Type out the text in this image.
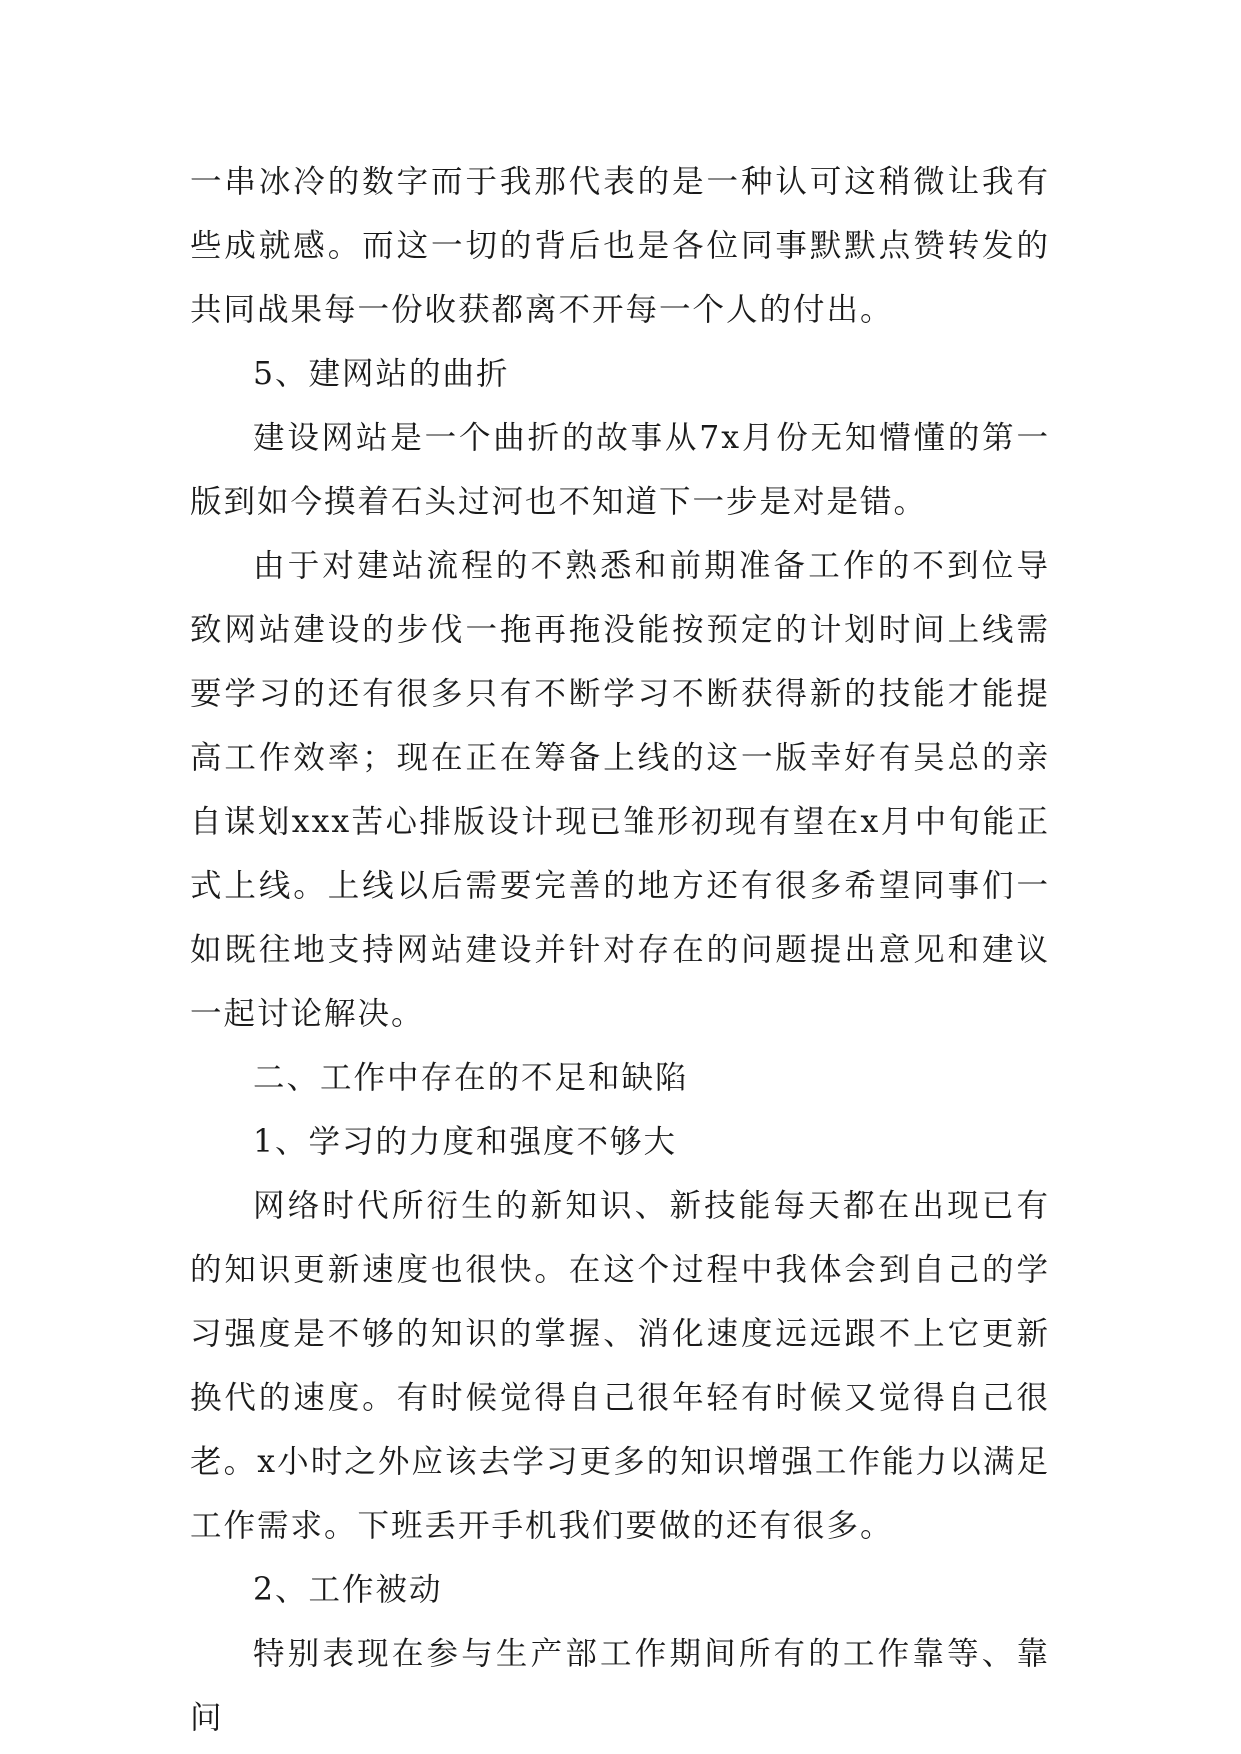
一串冰冷的数字而于我那代表的是一种认可这稍微让我有些成就感。而这一切的背后也是各位同事默默点赞转发的共同战果每一份收获都离不开每一个人的付出。

5、建网站的曲折

建设网站是一个曲折的故事从7x月份无知懵懂的第一版到如今摸着石头过河也不知道下一步是对是错。

由于对建站流程的不熟悉和前期准备工作的不到位导致网站建设的步伐一拖再拖没能按预定的计划时间上线需要学习的还有很多只有不断学习不断获得新的技能才能提高工作效率；现在正在筹备上线的这一版幸好有吴总的亲自谋划xxx苦心排版设计现已雏形初现有望在x月中旬能正式上线。上线以后需要完善的地方还有很多希望同事们一如既往地支持网站建设并针对存在的问题提出意见和建议一起讨论解决。

二、工作中存在的不足和缺陷

1、学习的力度和强度不够大

网络时代所衍生的新知识、新技能每天都在出现已有的知识更新速度也很快。在这个过程中我体会到自己的学习强度是不够的知识的掌握、消化速度远远跟不上它更新换代的速度。有时候觉得自己很年轻有时候又觉得自己很老。x小时之外应该去学习更多的知识增强工作能力以满足工作需求。下班丢开手机我们要做的还有很多。

2、工作被动

特别表现在参与生产部工作期间所有的工作靠等、靠问
